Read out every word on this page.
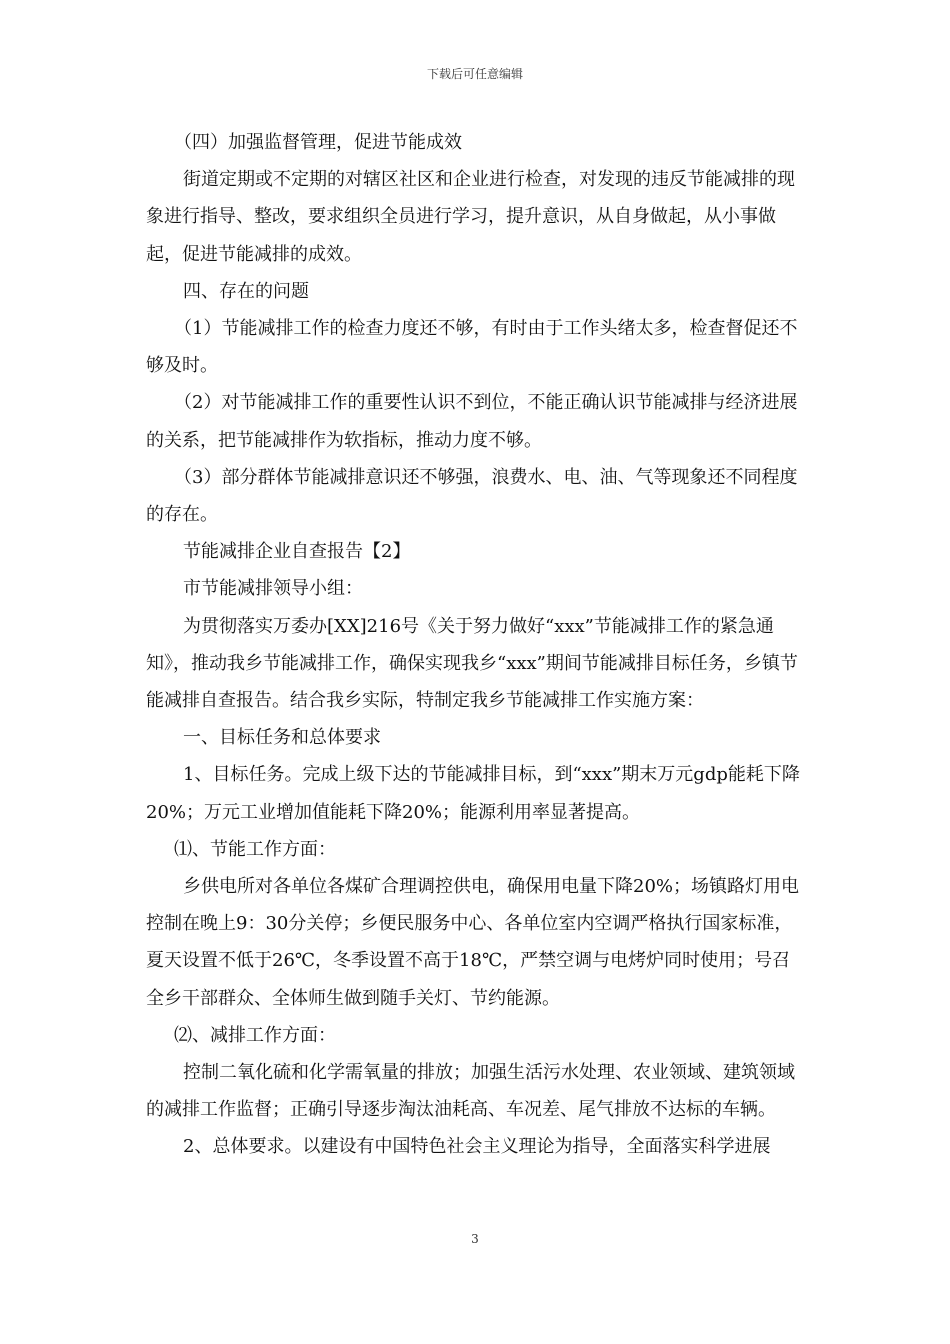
下载后可任意编辑

（四）加强监督管理，促进节能成效

街道定期或不定期的对辖区社区和企业进行检查，对发现的违反节能减排的现象进行指导、整改，要求组织全员进行学习，提升意识，从自身做起，从小事做起，促进节能减排的成效。

四、存在的问题

（1）节能减排工作的检查力度还不够，有时由于工作头绪太多，检查督促还不够及时。

（2）对节能减排工作的重要性认识不到位，不能正确认识节能减排与经济进展的关系，把节能减排作为软指标，推动力度不够。

（3）部分群体节能减排意识还不够强，浪费水、电、油、气等现象还不同程度的存在。

节能减排企业自查报告【2】

市节能减排领导小组：

为贯彻落实万委办[XX]216号《关于努力做好“xxx”节能减排工作的紧急通知》，推动我乡节能减排工作，确保实现我乡“xxx”期间节能减排目标任务，乡镇节能减排自查报告。结合我乡实际，特制定我乡节能减排工作实施方案：

一、目标任务和总体要求

1、目标任务。完成上级下达的节能减排目标，到“xxx”期末万元gdp能耗下降20%；万元工业增加值能耗下降20%；能源利用率显著提高。

⑴、节能工作方面：

乡供电所对各单位各煤矿合理调控供电，确保用电量下降20%；场镇路灯用电控制在晚上9：30分关停；乡便民服务中心、各单位室内空调严格执行国家标准，夏天设置不低于26℃，冬季设置不高于18℃，严禁空调与电烤炉同时使用；号召全乡干部群众、全体师生做到随手关灯、节约能源。

⑵、减排工作方面：

控制二氧化硫和化学需氧量的排放；加强生活污水处理、农业领域、建筑领域的减排工作监督；正确引导逐步淘汰油耗高、车况差、尾气排放不达标的车辆。

2、总体要求。以建设有中国特色社会主义理论为指导，全面落实科学进展

3
